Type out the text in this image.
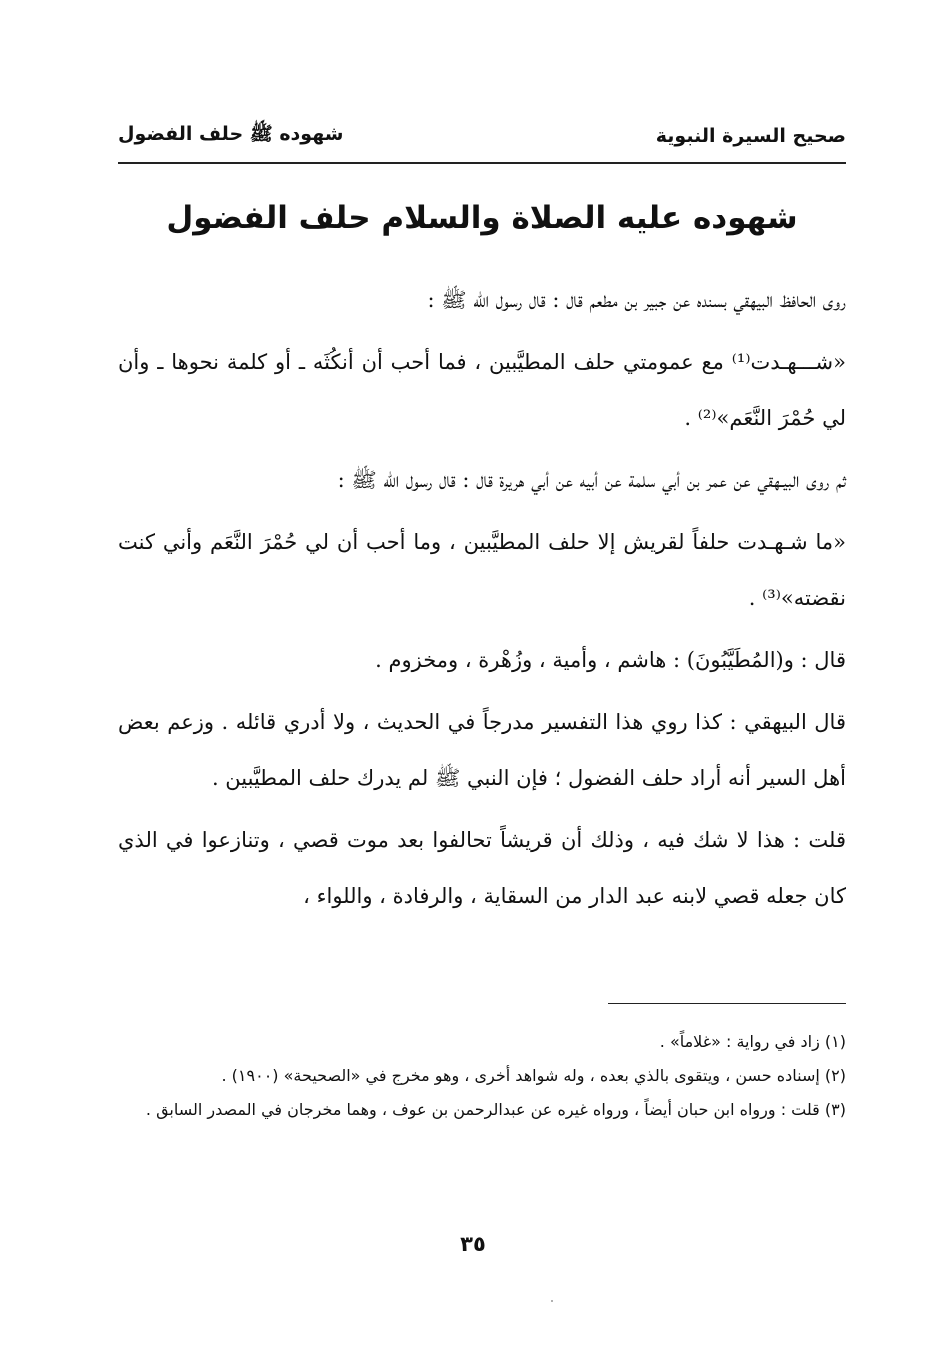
صحيح السيرة النبوية
شهوده ﷺ حلف الفضول
شهوده عليه الصلاة والسلام حلف الفضول

روى الحافظ البيهقي بسنده عن جبير بن مطعم قال : قال رسول الله ﷺ :

«شـــهـدت⁽¹⁾ مع عمومتي حلف المطيَّبين ، فما أحب أن أنكُثَه ـ أو كلمة نحوها ـ وأن لي حُمْرَ النَّعَم»⁽²⁾ .

ثم روى البيـهقي عن عمر بن أبي سلمة عن أبيه عن أبي هريرة قال : قال رسول الله ﷺ :

«ما شـهـدت حلفاً لقريش إلا حلف المطيَّبين ، وما أحب أن لي حُمْرَ النَّعَم وأني كنت نقضته»⁽³⁾ .

قال : و(المُطَيَّبُونَ) : هاشم ، وأمية ، وزُهْرة ، ومخزوم .

قال البيهقي : كذا روي هذا التفسير مدرجاً في الحديث ، ولا أدري قائله . وزعم بعض أهل السير أنه أراد حلف الفضول ؛ فإن النبي ﷺ لم يدرك حلف المطيَّبين .

قلت : هذا لا شك فيه ، وذلك أن قريشاً تحالفوا بعد موت قصي ، وتنازعوا في الذي كان جعله قصي لابنه عبد الدار من السقاية ، والرفادة ، واللواء ،

(١) زاد في رواية : «غلاماً» .

(٢) إسناده حسن ، ويتقوى بالذي بعده ، وله شواهد أخرى ، وهو مخرج في «الصحيحة» (١٩٠٠) .

(٣) قلت : ورواه ابن حبان أيضاً ، ورواه غيره عن عبدالرحمن بن عوف ، وهما مخرجان في المصدر السابق .

٣٥
